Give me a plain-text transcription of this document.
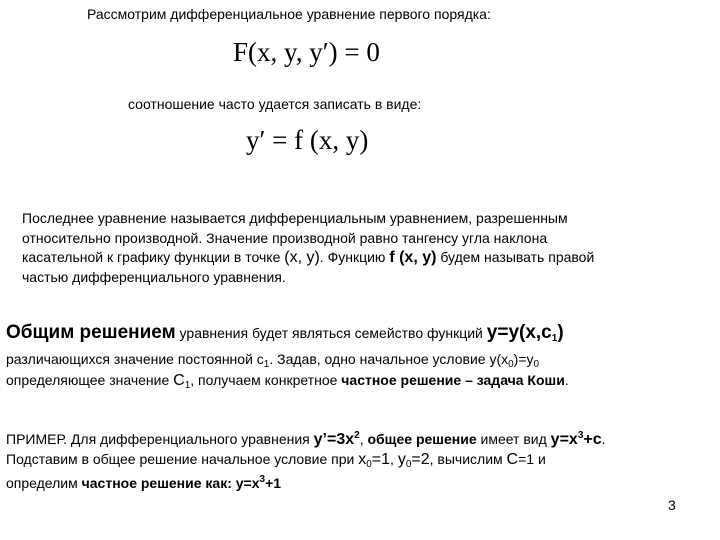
Рассмотрим дифференциальное уравнение первого порядка:
F(x, y, y′) = 0
соотношение часто удается записать в виде:
y′ = f (x, y)
Последнее уравнение называется дифференциальным уравнением, разрешенным
относительно производной. Значение производной равно тангенсу угла наклона
касательной к графику функции в точке (x, y). Функцию f (x, y) будем называть правой
частью дифференциального уравнения.
Общим решением уравнения будет являться семейство функций $y=y(x,c_1)$
различающихся значение постоянной $с_1$. Задав, одно начальное условие $y(x_0)=y_0$
определяющее значение $C_1$, получаем конкретное частное решение – задача Коши.
ПРИМЕР. Для дифференциального уравнения $y’=3x^2$, общее решение имеет вид $y=x^3+c$.
Подставим в общее решение начальное условие при $x_0=1$, $y_0=2$, вычислим C=1 и
определим частное решение как: $y=x^3+1$
3
